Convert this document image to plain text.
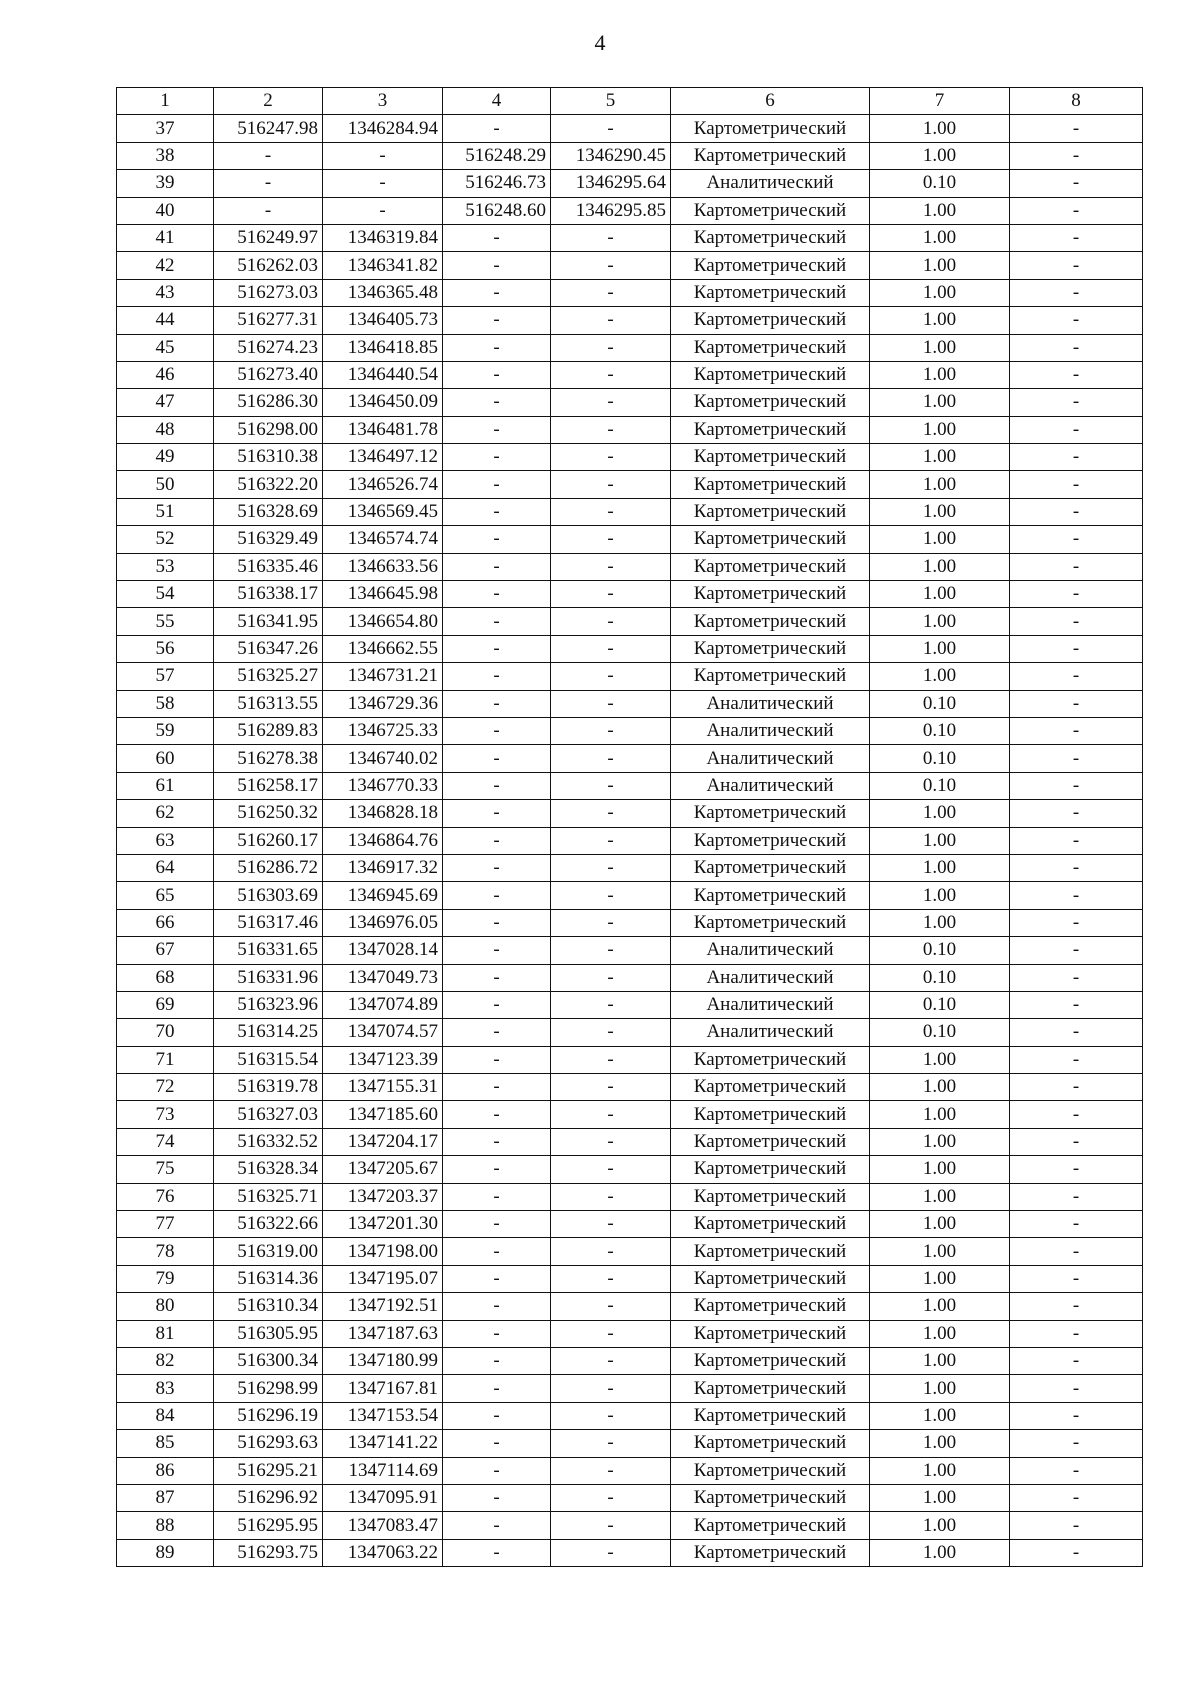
4
1	2	3	4	5	6	7	8
37	516247.98	1346284.94	-	-	Картометрический	1.00	-
38	-	-	516248.29	1346290.45	Картометрический	1.00	-
39	-	-	516246.73	1346295.64	Аналитический	0.10	-
40	-	-	516248.60	1346295.85	Картометрический	1.00	-
41	516249.97	1346319.84	-	-	Картометрический	1.00	-
42	516262.03	1346341.82	-	-	Картометрический	1.00	-
43	516273.03	1346365.48	-	-	Картометрический	1.00	-
44	516277.31	1346405.73	-	-	Картометрический	1.00	-
45	516274.23	1346418.85	-	-	Картометрический	1.00	-
46	516273.40	1346440.54	-	-	Картометрический	1.00	-
47	516286.30	1346450.09	-	-	Картометрический	1.00	-
48	516298.00	1346481.78	-	-	Картометрический	1.00	-
49	516310.38	1346497.12	-	-	Картометрический	1.00	-
50	516322.20	1346526.74	-	-	Картометрический	1.00	-
51	516328.69	1346569.45	-	-	Картометрический	1.00	-
52	516329.49	1346574.74	-	-	Картометрический	1.00	-
53	516335.46	1346633.56	-	-	Картометрический	1.00	-
54	516338.17	1346645.98	-	-	Картометрический	1.00	-
55	516341.95	1346654.80	-	-	Картометрический	1.00	-
56	516347.26	1346662.55	-	-	Картометрический	1.00	-
57	516325.27	1346731.21	-	-	Картометрический	1.00	-
58	516313.55	1346729.36	-	-	Аналитический	0.10	-
59	516289.83	1346725.33	-	-	Аналитический	0.10	-
60	516278.38	1346740.02	-	-	Аналитический	0.10	-
61	516258.17	1346770.33	-	-	Аналитический	0.10	-
62	516250.32	1346828.18	-	-	Картометрический	1.00	-
63	516260.17	1346864.76	-	-	Картометрический	1.00	-
64	516286.72	1346917.32	-	-	Картометрический	1.00	-
65	516303.69	1346945.69	-	-	Картометрический	1.00	-
66	516317.46	1346976.05	-	-	Картометрический	1.00	-
67	516331.65	1347028.14	-	-	Аналитический	0.10	-
68	516331.96	1347049.73	-	-	Аналитический	0.10	-
69	516323.96	1347074.89	-	-	Аналитический	0.10	-
70	516314.25	1347074.57	-	-	Аналитический	0.10	-
71	516315.54	1347123.39	-	-	Картометрический	1.00	-
72	516319.78	1347155.31	-	-	Картометрический	1.00	-
73	516327.03	1347185.60	-	-	Картометрический	1.00	-
74	516332.52	1347204.17	-	-	Картометрический	1.00	-
75	516328.34	1347205.67	-	-	Картометрический	1.00	-
76	516325.71	1347203.37	-	-	Картометрический	1.00	-
77	516322.66	1347201.30	-	-	Картометрический	1.00	-
78	516319.00	1347198.00	-	-	Картометрический	1.00	-
79	516314.36	1347195.07	-	-	Картометрический	1.00	-
80	516310.34	1347192.51	-	-	Картометрический	1.00	-
81	516305.95	1347187.63	-	-	Картометрический	1.00	-
82	516300.34	1347180.99	-	-	Картометрический	1.00	-
83	516298.99	1347167.81	-	-	Картометрический	1.00	-
84	516296.19	1347153.54	-	-	Картометрический	1.00	-
85	516293.63	1347141.22	-	-	Картометрический	1.00	-
86	516295.21	1347114.69	-	-	Картометрический	1.00	-
87	516296.92	1347095.91	-	-	Картометрический	1.00	-
88	516295.95	1347083.47	-	-	Картометрический	1.00	-
89	516293.75	1347063.22	-	-	Картометрический	1.00	-
